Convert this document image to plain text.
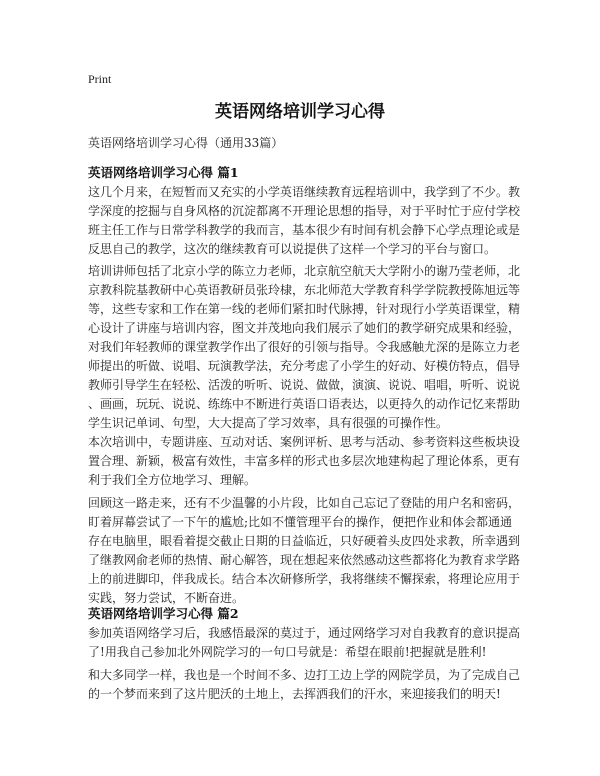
Print
英语网络培训学习心得

英语网络培训学习心得（通用33篇）

英语网络培训学习心得 篇1
这几个月来，在短暂而又充实的小学英语继续教育远程培训中，我学到了不少。教
学深度的挖掘与自身风格的沉淀都离不开理论思想的指导，对于平时忙于应付学校
班主任工作与日常学科教学的我而言，基本很少有时间有机会静下心学点理论或是
反思自己的教学，这次的继续教育可以说提供了这样一个学习的平台与窗口。
培训讲师包括了北京小学的陈立力老师，北京航空航天大学附小的谢乃莹老师，北
京教科院基教研中心英语教研员张玲棣，东北师范大学教育科学学院教授陈旭远等
等，这些专家和工作在第一线的老师们紧扣时代脉搏，针对现行小学英语课堂，精
心设计了讲座与培训内容，图文并茂地向我们展示了她们的教学研究成果和经验，
对我们年轻教师的课堂教学作出了很好的引领与指导。令我感触尤深的是陈立力老
师提出的听做、说唱、玩演教学法，充分考虑了小学生的好动、好模仿特点，倡导
教师引导学生在轻松、活泼的听听、说说、做做，演演、说说、唱唱，听听、说说
、画画，玩玩、说说、练练中不断进行英语口语表达，以更持久的动作记忆来帮助
学生识记单词、句型，大大提高了学习效率，具有很强的可操作性。
本次培训中，专题讲座、互动对话、案例评析、思考与活动、参考资料这些板块设
置合理、新颖，极富有效性，丰富多样的形式也多层次地建构起了理论体系，更有
利于我们全方位地学习、理解。
回顾这一路走来，还有不少温馨的小片段，比如自己忘记了登陆的用户名和密码，
盯着屏幕尝试了一下午的尴尬;比如不懂管理平台的操作，便把作业和体会都通通
存在电脑里，眼看着提交截止日期的日益临近，只好硬着头皮四处求教，所幸遇到
了继教网俞老师的热情、耐心解答，现在想起来依然感动这些都将化为教育求学路
上的前进脚印，伴我成长。结合本次研修所学，我将继续不懈探索，将理论应用于
实践，努力尝试，不断奋进。
英语网络培训学习心得 篇2
参加英语网络学习后，我感悟最深的莫过于，通过网络学习对自我教育的意识提高
了!用我自己参加北外网院学习的一句口号就是：希望在眼前!把握就是胜利!
和大多同学一样，我也是一个时间不多、边打工边上学的网院学员，为了完成自己
的一个梦而来到了这片肥沃的土地上，去挥洒我们的汗水，来迎接我们的明天!
